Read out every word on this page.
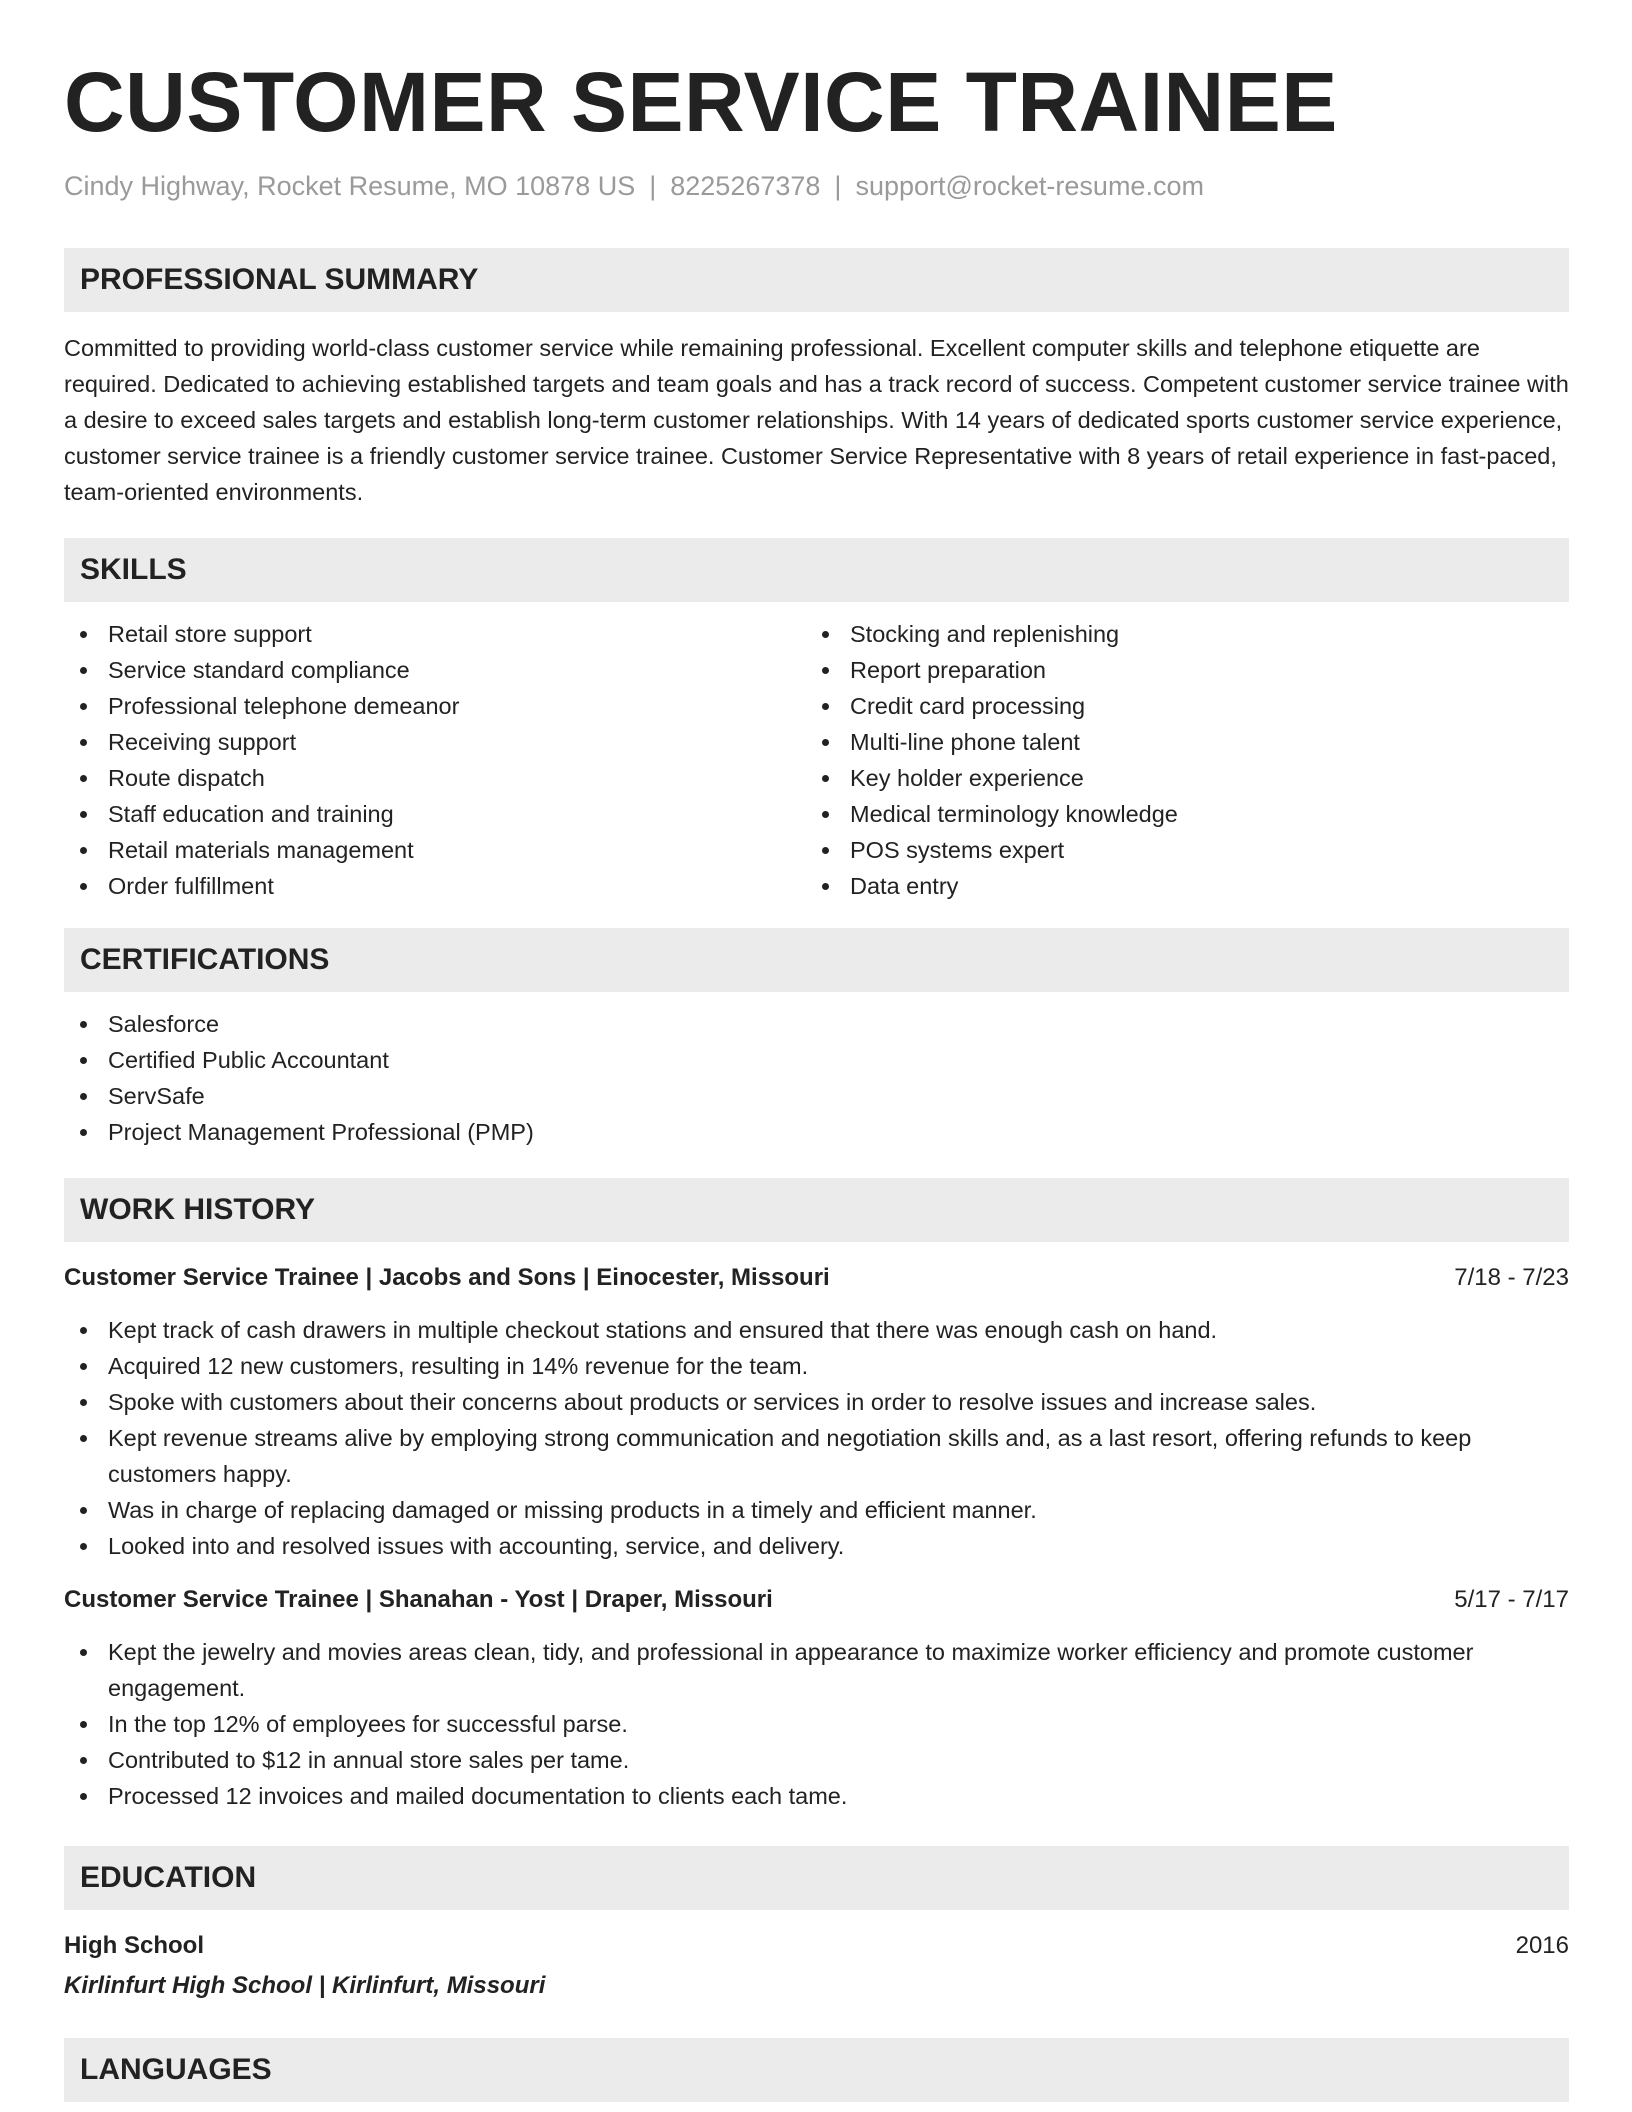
CUSTOMER SERVICE TRAINEE
Cindy Highway, Rocket Resume, MO 10878 US | 8225267378 | support@rocket-resume.com
PROFESSIONAL SUMMARY

Committed to providing world-class customer service while remaining professional. Excellent computer skills and telephone etiquette are required. Dedicated to achieving established targets and team goals and has a track record of success. Competent customer service trainee with a desire to exceed sales targets and establish long-term customer relationships. With 14 years of dedicated sports customer service experience, customer service trainee is a friendly customer service trainee. Customer Service Representative with 8 years of retail experience in fast-paced, team-oriented environments.

SKILLS
Retail store support
Service standard compliance
Professional telephone demeanor
Receiving support
Route dispatch
Staff education and training
Retail materials management
Order fulfillment
Stocking and replenishing
Report preparation
Credit card processing
Multi-line phone talent
Key holder experience
Medical terminology knowledge
POS systems expert
Data entry
CERTIFICATIONS
Salesforce
Certified Public Accountant
ServSafe
Project Management Professional (PMP)
WORK HISTORY
Customer Service Trainee | Jacobs and Sons | Einocester, Missouri	7/18 - 7/23
Kept track of cash drawers in multiple checkout stations and ensured that there was enough cash on hand.
Acquired 12 new customers, resulting in 14% revenue for the team.
Spoke with customers about their concerns about products or services in order to resolve issues and increase sales.
Kept revenue streams alive by employing strong communication and negotiation skills and, as a last resort, offering refunds to keep customers happy.
Was in charge of replacing damaged or missing products in a timely and efficient manner.
Looked into and resolved issues with accounting, service, and delivery.
Customer Service Trainee | Shanahan - Yost | Draper, Missouri	5/17 - 7/17
Kept the jewelry and movies areas clean, tidy, and professional in appearance to maximize worker efficiency and promote customer engagement.
In the top 12% of employees for successful parse.
Contributed to $12 in annual store sales per tame.
Processed 12 invoices and mailed documentation to clients each tame.
EDUCATION
High School	2016
Kirlinfurt High School | Kirlinfurt, Missouri
LANGUAGES
